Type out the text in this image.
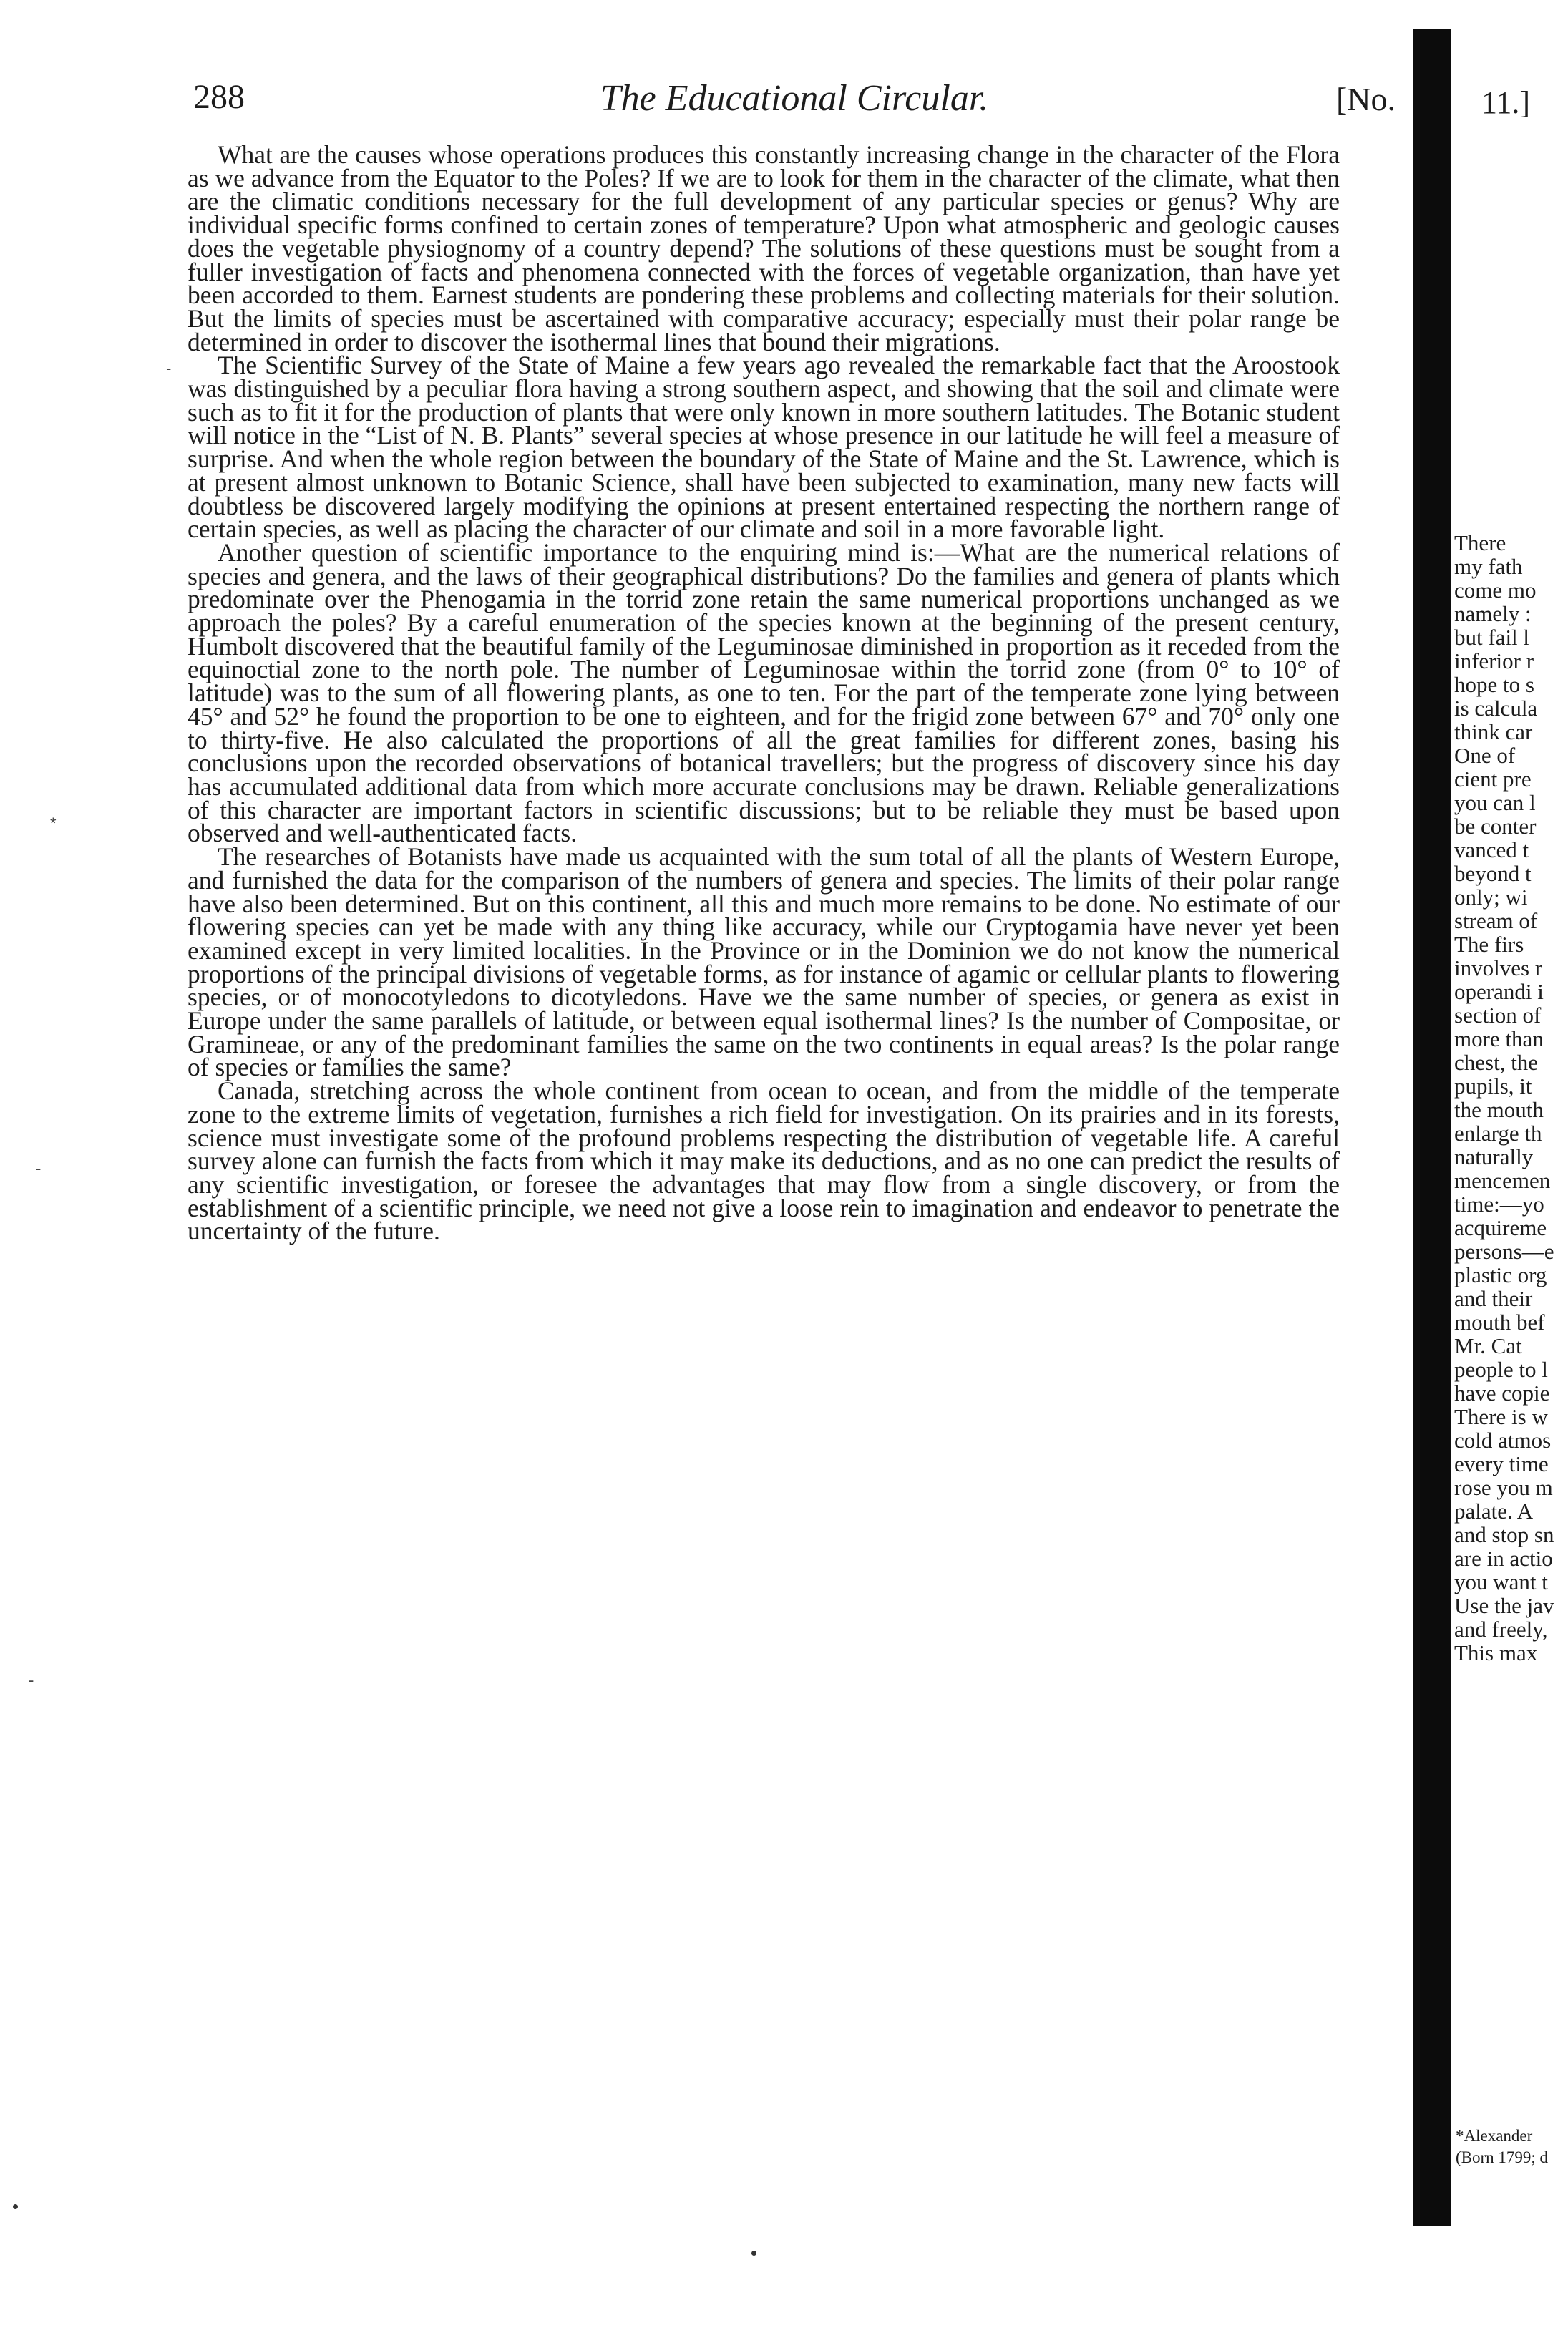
288	The Educational Circular.	[No.

What are the causes whose operations produces this constantly increasing change in the character of the Flora as we advance from the Equator to the Poles? If we are to look for them in the character of the climate, what then are the climatic conditions necessary for the full development of any particular species or genus? Why are individual specific forms confined to certain zones of temperature? Upon what atmospheric and geologic causes does the vegetable physiognomy of a country depend? The solutions of these questions must be sought from a fuller investigation of facts and phenomena connected with the forces of vegetable organization, than have yet been accorded to them. Earnest students are pondering these problems and collecting materials for their solution. But the limits of species must be ascertained with comparative accuracy; especially must their polar range be determined in order to discover the isothermal lines that bound their migrations.

The Scientific Survey of the State of Maine a few years ago revealed the remarkable fact that the Aroostook was distinguished by a peculiar flora having a strong southern aspect, and showing that the soil and climate were such as to fit it for the production of plants that were only known in more southern latitudes. The Botanic student will notice in the “List of N. B. Plants” several species at whose presence in our latitude he will feel a measure of surprise. And when the whole region between the boundary of the State of Maine and the St. Lawrence, which is at present almost unknown to Botanic Science, shall have been subjected to examination, many new facts will doubtless be discovered largely modifying the opinions at present entertained respecting the northern range of certain species, as well as placing the character of our climate and soil in a more favorable light.

Another question of scientific importance to the enquiring mind is:—What are the numerical relations of species and genera, and the laws of their geographical distributions? Do the families and genera of plants which predominate over the Phenogamia in the torrid zone retain the same numerical proportions unchanged as we approach the poles? By a careful enumeration of the species known at the beginning of the present century, Humbolt discovered that the beautiful family of the Leguminosae diminished in proportion as it receded from the equinoctial zone to the north pole. The number of Leguminosae within the torrid zone (from 0° to 10° of latitude) was to the sum of all flowering plants, as one to ten. For the part of the temperate zone lying between 45° and 52° he found the proportion to be one to eighteen, and for the frigid zone between 67° and 70° only one to thirty-five. He also calculated the proportions of all the great families for different zones, basing his conclusions upon the recorded observations of botanical travellers; but the progress of discovery since his day has accumulated additional data from which more accurate conclusions may be drawn. Reliable generalizations of this character are important factors in scientific discussions; but to be reliable they must be based upon observed and well-authenticated facts.

The researches of Botanists have made us acquainted with the sum total of all the plants of Western Europe, and furnished the data for the comparison of the numbers of genera and species. The limits of their polar range have also been determined. But on this continent, all this and much more remains to be done. No estimate of our flowering species can yet be made with any thing like accuracy, while our Cryptogamia have never yet been examined except in very limited localities. In the Province or in the Dominion we do not know the numerical proportions of the principal divisions of vegetable forms, as for instance of agamic or cellular plants to flowering species, or of monocotyledons to dicotyledons. Have we the same number of species, or genera as exist in Europe under the same parallels of latitude, or between equal isothermal lines? Is the number of Compositae, or Gramineae, or any of the predominant families the same on the two continents in equal areas? Is the polar range of species or families the same?

Canada, stretching across the whole continent from ocean to ocean, and from the middle of the temperate zone to the extreme limits of vegetation, furnishes a rich field for investigation. On its prairies and in its forests, science must investigate some of the profound problems respecting the distribution of vegetable life. A careful survey alone can furnish the facts from which it may make its deductions, and as no one can predict the results of any scientific investigation, or foresee the advantages that may flow from a single discovery, or from the establishment of a scientific principle, we need not give a loose rein to imagination and endeavor to penetrate the uncertainty of the future.

-
*
-
-
11.]
There
my fath
come mo
namely :
but fail l
inferior r
hope to s
is calcula
think car
One of
cient pre
you can l
be conter
vanced t
beyond t
only; wi
stream of
The firs
involves r
operandi i
section of
more than
chest, the
pupils, it
the mouth
enlarge th
naturally
mencemen
time:—yo
acquireme
persons—e
plastic org
and their
mouth bef
Mr. Cat
people to l
have copie
There is w
cold atmos
every time
rose you m
palate. A
and stop sn
are in actio
you want t
Use the jav
and freely,
This max
*Alexander
(Born 1799; d
